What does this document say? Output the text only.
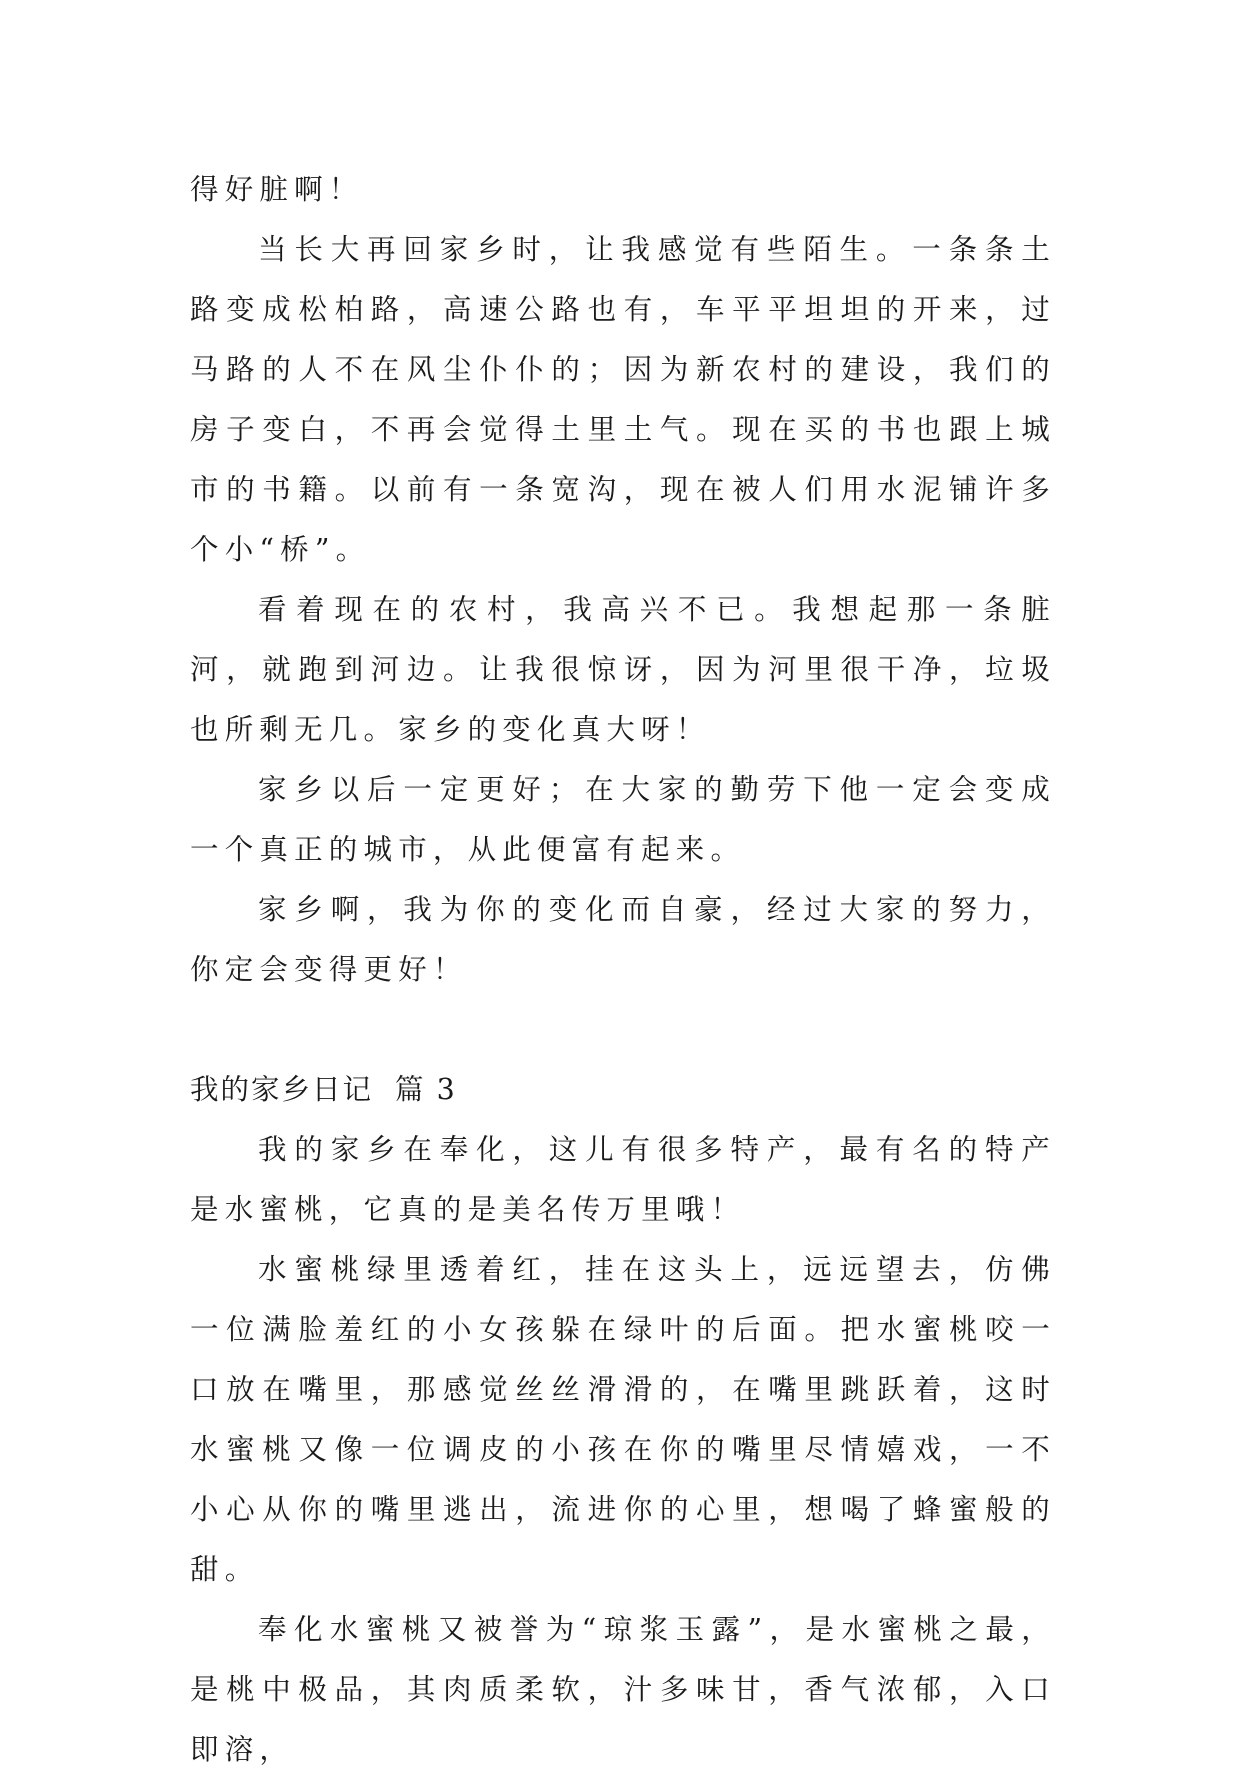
得好脏啊！

当长大再回家乡时，让我感觉有些陌生。一条条土路变成松柏路，高速公路也有，车平平坦坦的开来，过马路的人不在风尘仆仆的；因为新农村的建设，我们的房子变白，不再会觉得土里土气。现在买的书也跟上城市的书籍。以前有一条宽沟，现在被人们用水泥铺许多个小“桥”。

看着现在的农村，我高兴不已。我想起那一条脏河，就跑到河边。让我很惊讶，因为河里很干净，垃圾也所剩无几。家乡的变化真大呀！

家乡以后一定更好；在大家的勤劳下他一定会变成一个真正的城市，从此便富有起来。

家乡啊，我为你的变化而自豪，经过大家的努力，你定会变得更好！

我的家乡日记 篇 3

我的家乡在奉化，这儿有很多特产，最有名的特产是水蜜桃，它真的是美名传万里哦！

水蜜桃绿里透着红，挂在这头上，远远望去，仿佛一位满脸羞红的小女孩躲在绿叶的后面。把水蜜桃咬一口放在嘴里，那感觉丝丝滑滑的，在嘴里跳跃着，这时水蜜桃又像一位调皮的小孩在你的嘴里尽情嬉戏，一不小心从你的嘴里逃出，流进你的心里，想喝了蜂蜜般的甜。

奉化水蜜桃又被誉为“琼浆玉露”，是水蜜桃之最，是桃中极品，其肉质柔软，汁多味甘，香气浓郁，入口即溶，
